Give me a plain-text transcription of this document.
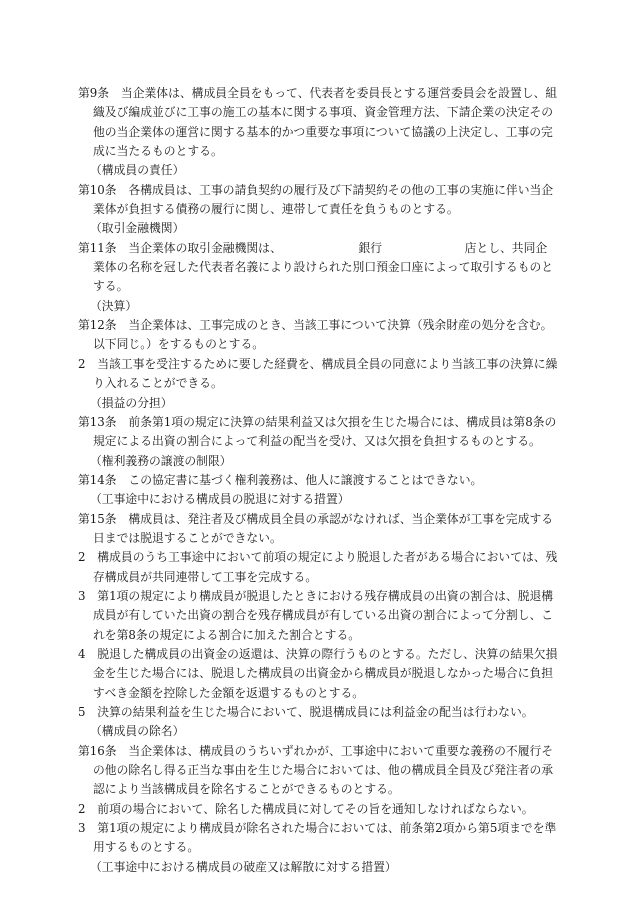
第9条　当企業体は、構成員全員をもって、代表者を委員長とする運営委員会を設置し、組織及び編成並びに工事の施工の基本に関する事項、資金管理方法、下請企業の決定その他の当企業体の運営に関する基本的かつ重要な事項について協議の上決定し、工事の完成に当たるものとする。

（構成員の責任）

第10条　各構成員は、工事の請負契約の履行及び下請契約その他の工事の実施に伴い当企業体が負担する債務の履行に関し、連帯して責任を負うものとする。

（取引金融機関）

第11条　当企業体の取引金融機関は、　　　　　　　銀行　　　　　　　店とし、共同企業体の名称を冠した代表者名義により設けられた別口預金口座によって取引するものとする。

（決算）

第12条　当企業体は、工事完成のとき、当該工事について決算（残余財産の処分を含む。以下同じ。）をするものとする。

2　当該工事を受注するために要した経費を、構成員全員の同意により当該工事の決算に繰り入れることができる。

（損益の分担）

第13条　前条第1項の規定に決算の結果利益又は欠損を生じた場合には、構成員は第8条の規定による出資の割合によって利益の配当を受け、又は欠損を負担するものとする。

（権利義務の譲渡の制限）

第14条　この協定書に基づく権利義務は、他人に譲渡することはできない。

（工事途中における構成員の脱退に対する措置）

第15条　構成員は、発注者及び構成員全員の承認がなければ、当企業体が工事を完成する日までは脱退することができない。

2　構成員のうち工事途中において前項の規定により脱退した者がある場合においては、残存構成員が共同連帯して工事を完成する。

3　第1項の規定により構成員が脱退したときにおける残存構成員の出資の割合は、脱退構成員が有していた出資の割合を残存構成員が有している出資の割合によって分割し、これを第8条の規定による割合に加えた割合とする。

4　脱退した構成員の出資金の返還は、決算の際行うものとする。ただし、決算の結果欠損金を生じた場合には、脱退した構成員の出資金から構成員が脱退しなかった場合に負担すべき金額を控除した金額を返還するものとする。

5　決算の結果利益を生じた場合において、脱退構成員には利益金の配当は行わない。

（構成員の除名）

第16条　当企業体は、構成員のうちいずれかが、工事途中において重要な義務の不履行その他の除名し得る正当な事由を生じた場合においては、他の構成員全員及び発注者の承認により当該構成員を除名することができるものとする。

2　前項の場合において、除名した構成員に対してその旨を通知しなければならない。

3　第1項の規定により構成員が除名された場合においては、前条第2項から第5項までを準用するものとする。

（工事途中における構成員の破産又は解散に対する措置）
